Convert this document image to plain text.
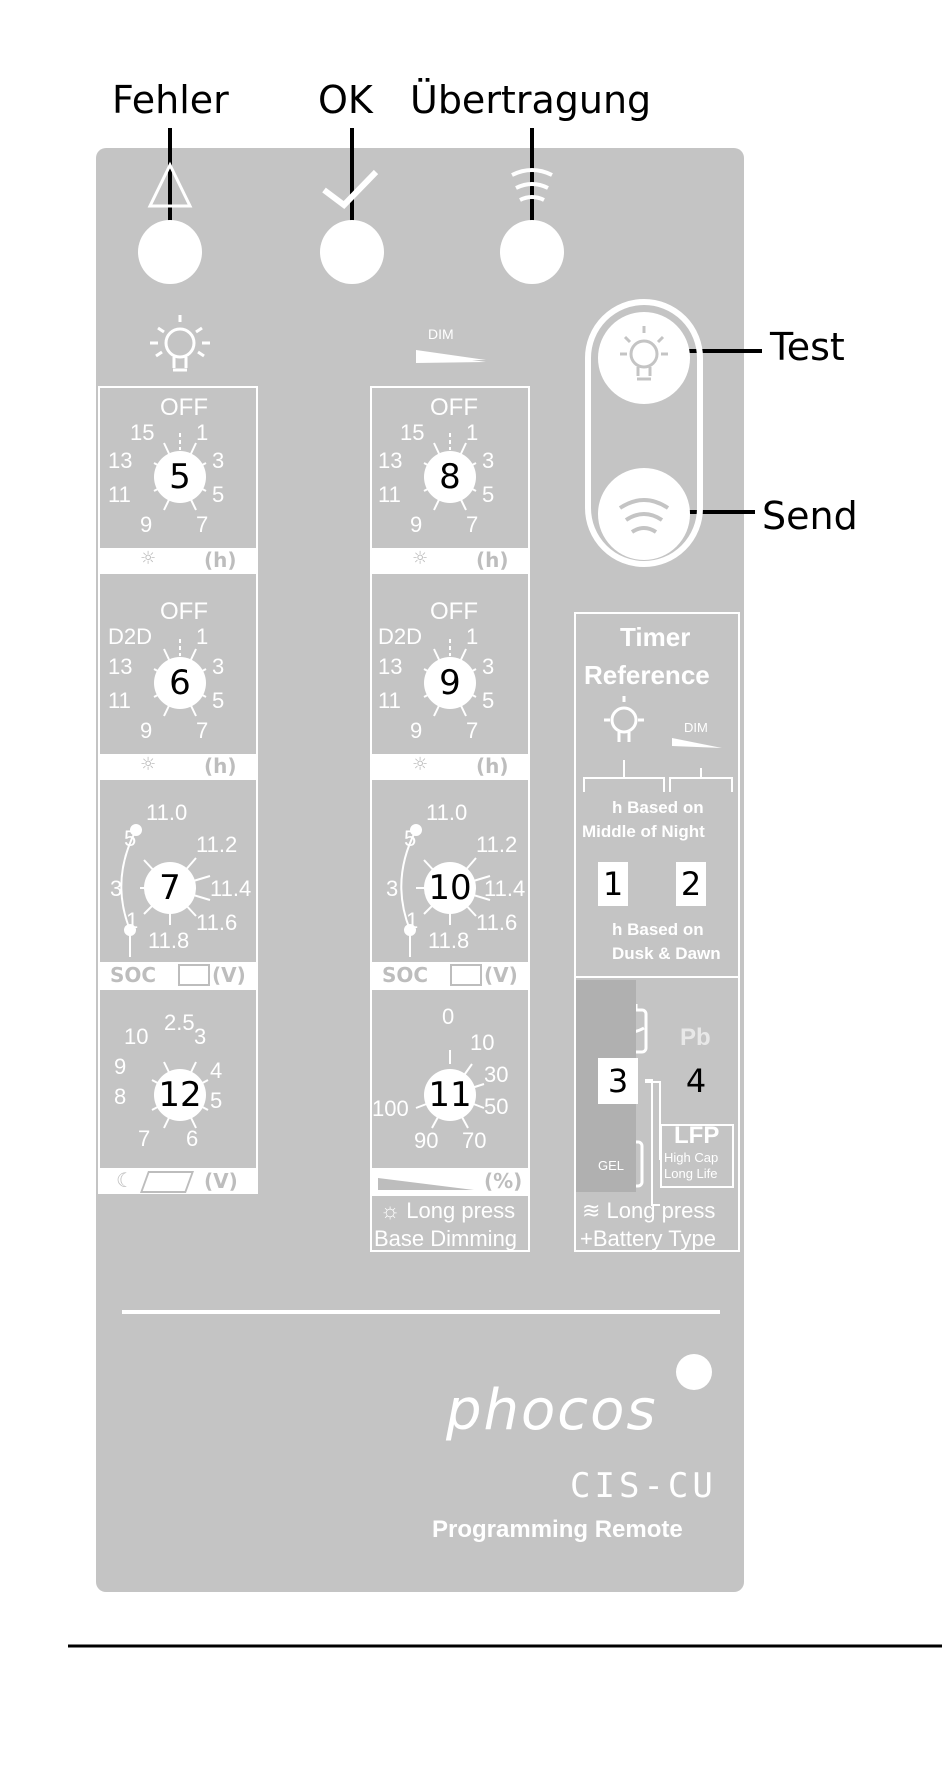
Fehler OK Übertragung
Test
Send
DIM
OFF
15 1
13	3
11	5
9 7
5
☼ (h)
OFF
15 1
13	3
11	5
9 7
8
☼ (h)
OFF
D2D 1
13	3
11	5
9 7
6
☼ (h)
OFF
D2D 1
13	3
11	5
9 7
9
☼ (h)
11.0
5	11.2
3	11.4
1	11.6
11.8
7
SOC	(V)
11.0
5	11.2
3	11.4
1	11.6
11.8
10
SOC	(V)
2.5
10 3
9	4
8	5
7 6
12
☾	(V)
0
10
30
50
100
90 70
11
(%)
☼ Long press
Base Dimming
Timer
Reference
DIM
h Based on
Middle of Night
1 2
h Based on
Dusk & Dawn
Pb
3	4
GEL
LFP
High Cap
Long Life
≋ Long press
+Battery Type
phocos
CIS-CU
Programming Remote
